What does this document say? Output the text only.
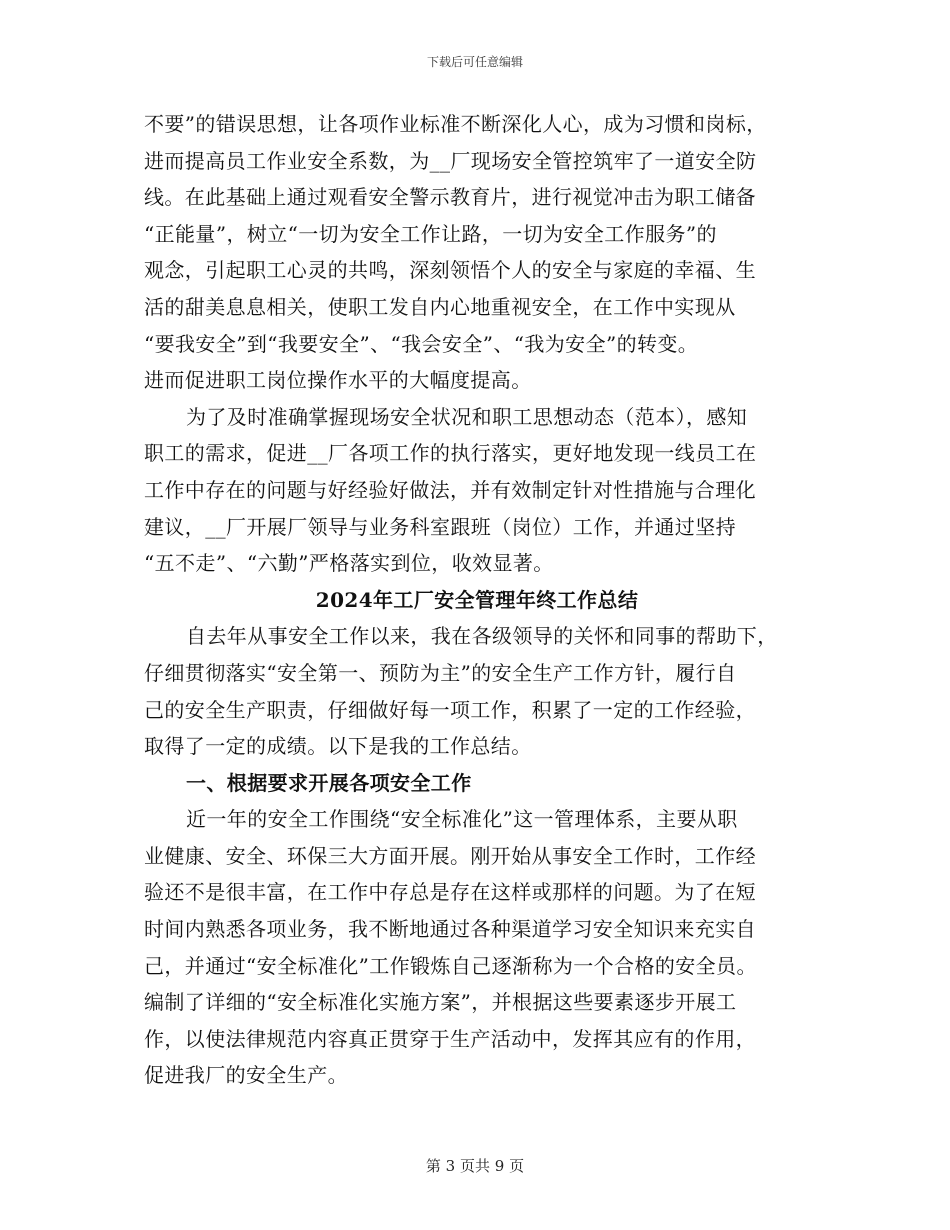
下载后可任意编辑
不要”的错误思想，让各项作业标准不断深化人心，成为习惯和岗标，
进而提高员工作业安全系数，为__厂现场安全管控筑牢了一道安全防
线。在此基础上通过观看安全警示教育片，进行视觉冲击为职工储备
“正能量”，树立“一切为安全工作让路，一切为安全工作服务”的
观念，引起职工心灵的共鸣，深刻领悟个人的安全与家庭的幸福、生
活的甜美息息相关，使职工发自内心地重视安全，在工作中实现从
“要我安全”到“我要安全”、“我会安全”、“我为安全”的转变。
进而促进职工岗位操作水平的大幅度提高。
为了及时准确掌握现场安全状况和职工思想动态（范本），感知
职工的需求，促进__厂各项工作的执行落实，更好地发现一线员工在
工作中存在的问题与好经验好做法，并有效制定针对性措施与合理化
建议，__厂开展厂领导与业务科室跟班（岗位）工作，并通过坚持
“五不走”、“六勤”严格落实到位，收效显著。
2024年工厂安全管理年终工作总结
自去年从事安全工作以来，我在各级领导的关怀和同事的帮助下，
仔细贯彻落实“安全第一、预防为主”的安全生产工作方针，履行自
己的安全生产职责，仔细做好每一项工作，积累了一定的工作经验，
取得了一定的成绩。以下是我的工作总结。
一、根据要求开展各项安全工作
近一年的安全工作围绕“安全标准化”这一管理体系，主要从职
业健康、安全、环保三大方面开展。刚开始从事安全工作时，工作经
验还不是很丰富，在工作中存总是存在这样或那样的问题。为了在短
时间内熟悉各项业务，我不断地通过各种渠道学习安全知识来充实自
己，并通过“安全标准化”工作锻炼自己逐渐称为一个合格的安全员。
编制了详细的“安全标准化实施方案”，并根据这些要素逐步开展工
作，以使法律规范内容真正贯穿于生产活动中，发挥其应有的作用，
促进我厂的安全生产。
第 3 页共 9 页
